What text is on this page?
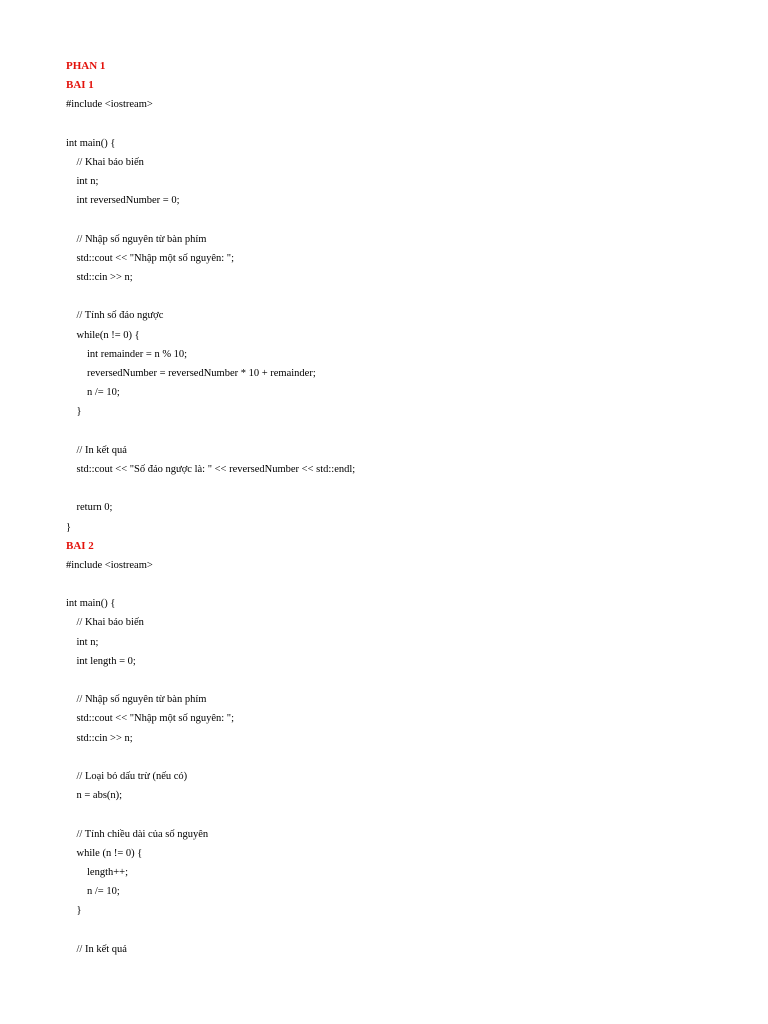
PHAN 1
BAI 1
#include <iostream>
int main() {
// Khai báo biến
int n;
int reversedNumber = 0;
// Nhập số nguyên từ bàn phím
std::cout << "Nhập một số nguyên: ";
std::cin >> n;
// Tính số đảo ngược
while(n != 0) {
int remainder = n % 10;
reversedNumber = reversedNumber * 10 + remainder;
n /= 10;
}
// In kết quả
std::cout << "Số đảo ngược là: " << reversedNumber << std::endl;
return 0;
}
BAI 2
#include <iostream>
int main() {
// Khai báo biến
int n;
int length = 0;
// Nhập số nguyên từ bàn phím
std::cout << "Nhập một số nguyên: ";
std::cin >> n;
// Loại bỏ dấu trừ (nếu có)
n = abs(n);
// Tính chiều dài của số nguyên
while (n != 0) {
length++;
n /= 10;
}
// In kết quả
